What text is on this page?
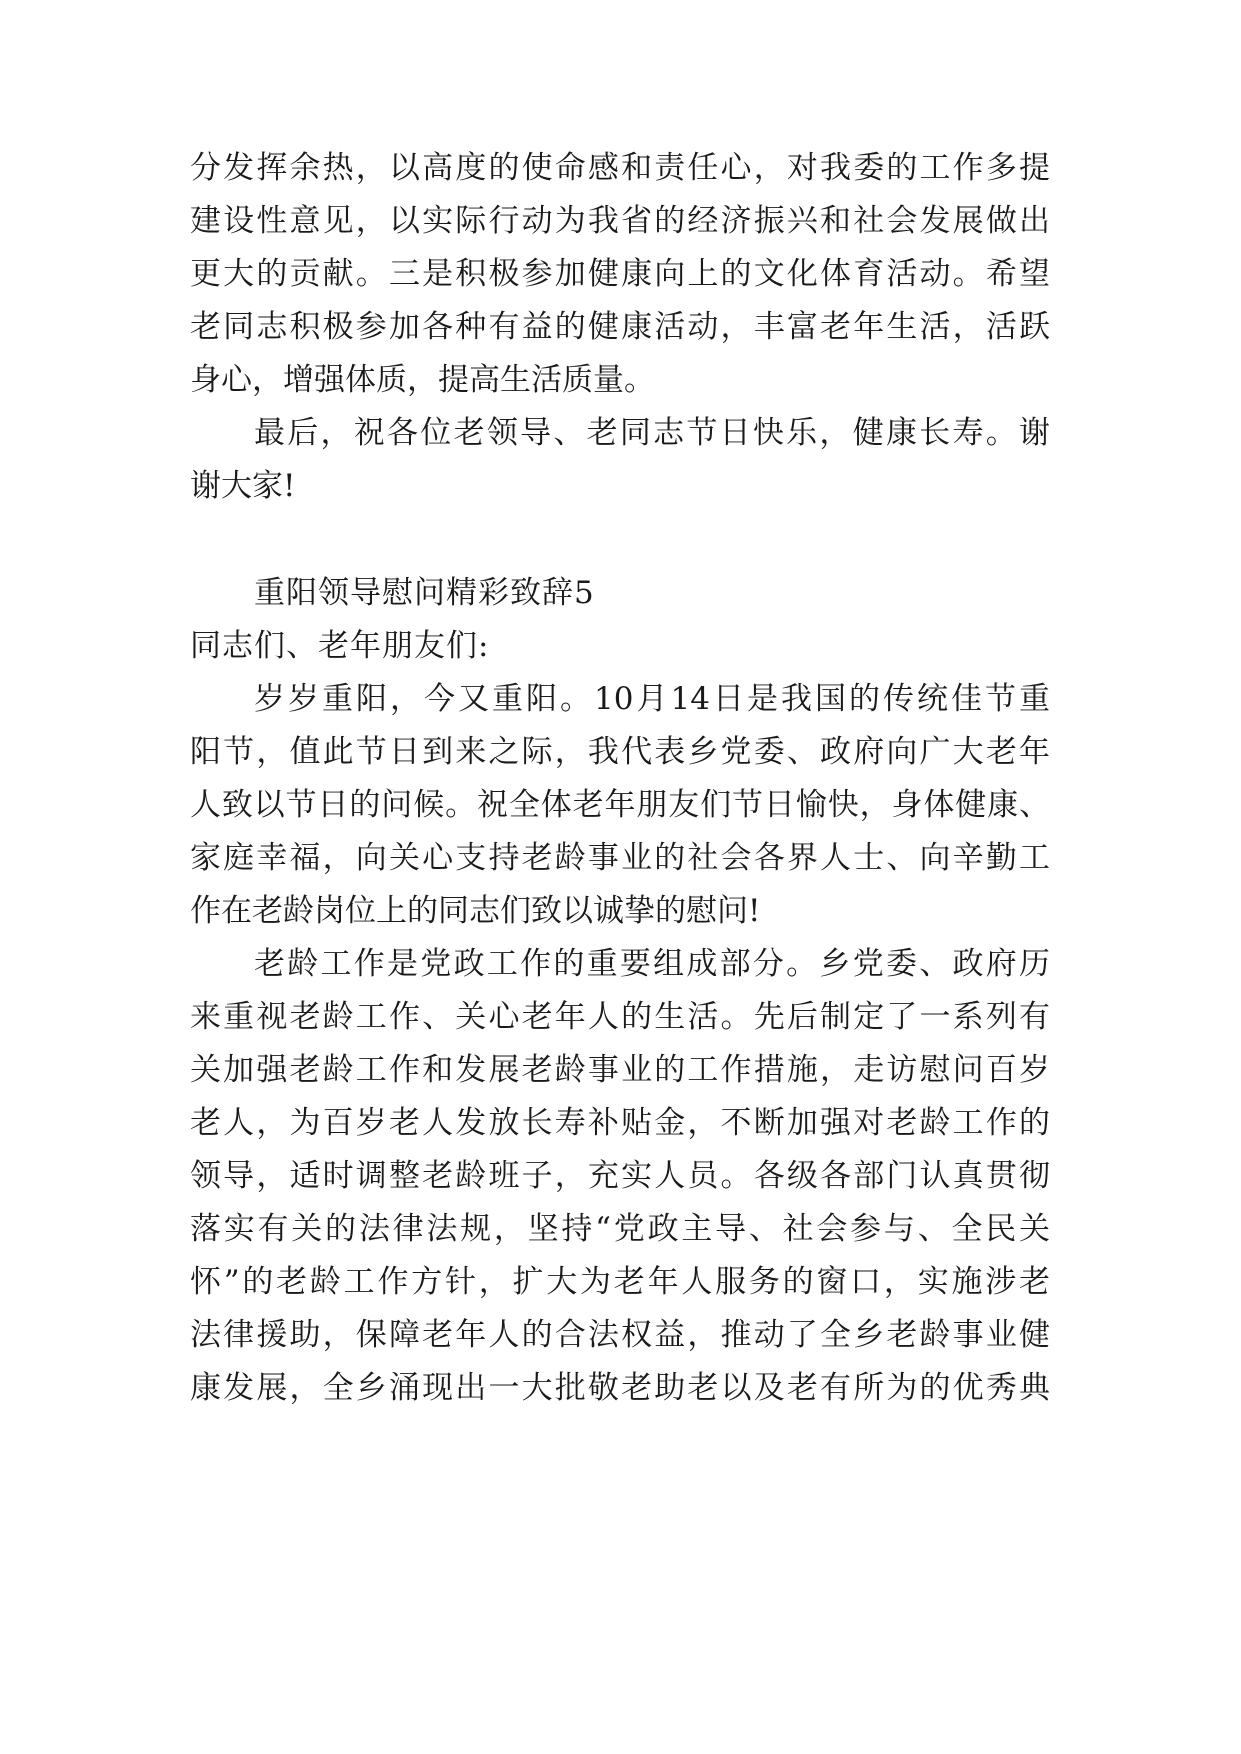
分发挥余热，以高度的使命感和责任心，对我委的工作多提
建设性意见，以实际行动为我省的经济振兴和社会发展做出
更大的贡献。三是积极参加健康向上的文化体育活动。希望
老同志积极参加各种有益的健康活动，丰富老年生活，活跃
身心，增强体质，提高生活质量。
最后，祝各位老领导、老同志节日快乐，健康长寿。谢
谢大家!
重阳领导慰问精彩致辞5
同志们、老年朋友们:
岁岁重阳，今又重阳。10月14日是我国的传统佳节重
阳节，值此节日到来之际，我代表乡党委、政府向广大老年
人致以节日的问候。祝全体老年朋友们节日愉快，身体健康、
家庭幸福，向关心支持老龄事业的社会各界人士、向辛勤工
作在老龄岗位上的同志们致以诚挚的慰问!
老龄工作是党政工作的重要组成部分。乡党委、政府历
来重视老龄工作、关心老年人的生活。先后制定了一系列有
关加强老龄工作和发展老龄事业的工作措施，走访慰问百岁
老人，为百岁老人发放长寿补贴金，不断加强对老龄工作的
领导，适时调整老龄班子，充实人员。各级各部门认真贯彻
落实有关的法律法规，坚持“党政主导、社会参与、全民关
怀”的老龄工作方针，扩大为老年人服务的窗口，实施涉老
法律援助，保障老年人的合法权益，推动了全乡老龄事业健
康发展，全乡涌现出一大批敬老助老以及老有所为的优秀典
